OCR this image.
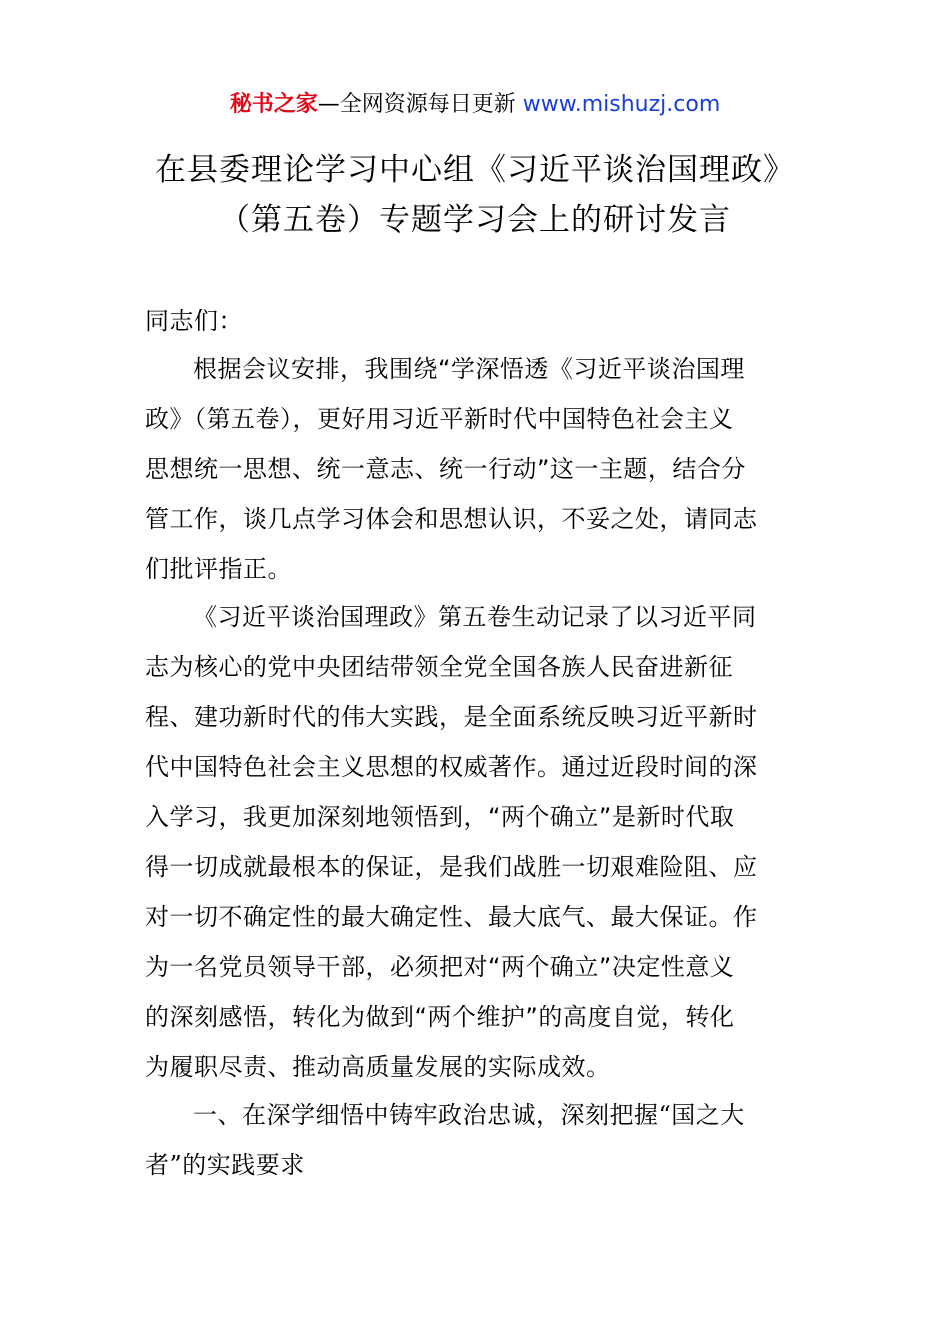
秘书之家—全网资源每日更新 www.mishuzj.com
在县委理论学习中心组《习近平谈治国理政》
（第五卷）专题学习会上的研讨发言
同志们：
根据会议安排，我围绕“学深悟透《习近平谈治国理
政》（第五卷），更好用习近平新时代中国特色社会主义
思想统一思想、统一意志、统一行动”这一主题，结合分
管工作，谈几点学习体会和思想认识，不妥之处，请同志
们批评指正。
《习近平谈治国理政》第五卷生动记录了以习近平同
志为核心的党中央团结带领全党全国各族人民奋进新征
程、建功新时代的伟大实践，是全面系统反映习近平新时
代中国特色社会主义思想的权威著作。通过近段时间的深
入学习，我更加深刻地领悟到，“两个确立”是新时代取
得一切成就最根本的保证，是我们战胜一切艰难险阻、应
对一切不确定性的最大确定性、最大底气、最大保证。作
为一名党员领导干部，必须把对“两个确立”决定性意义
的深刻感悟，转化为做到“两个维护”的高度自觉，转化
为履职尽责、推动高质量发展的实际成效。
一、在深学细悟中铸牢政治忠诚，深刻把握“国之大
者”的实践要求
